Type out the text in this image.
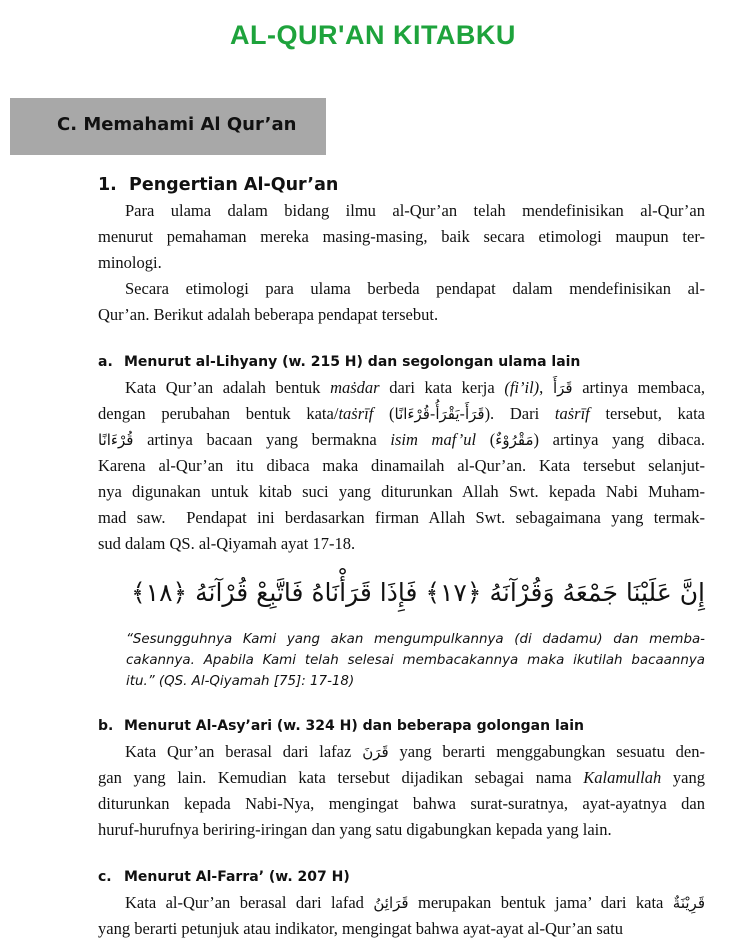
AL-QUR'AN KITABKU
C. Memahami Al Qur’an
1. Pengertian Al-Qur’an
Para ulama dalam bidang ilmu al-Qur’an telah mendefinisikan al-Qur’an
menurut pemahaman mereka masing-masing, baik secara etimologi maupun ter-
minologi.
Secara etimologi para ulama berbeda pendapat dalam mendefinisikan al-
Qur’an. Berikut adalah beberapa pendapat tersebut.
a. Menurut al-Lihyany (w. 215 H) dan segolongan ulama lain
Kata Qur’an adalah bentuk maṡdar dari kata kerja (fi’il), قَرَأَ artinya membaca,
dengan perubahan bentuk kata/taṡrīf (قَرَأَ-يَقْرَأُ-قُرْءَانًا). Dari taṡrīf tersebut, kata
قُرْءَانًا artinya bacaan yang bermakna isim maf’ul (مَقْرُوْءٌ) artinya yang dibaca.
Karena al-Qur’an itu dibaca maka dinamailah al-Qur’an. Kata tersebut selanjut-
nya digunakan untuk kitab suci yang diturunkan Allah Swt. kepada Nabi Muham-
mad saw.  Pendapat ini berdasarkan firman Allah Swt. sebagaimana yang termak-
sud dalam QS. al-Qiyamah ayat 17-18.
إِنَّ عَلَيْنَا جَمْعَهُ وَقُرْآنَهُ ﴿١٧﴾ فَإِذَا قَرَأْنَاهُ فَاتَّبِعْ قُرْآنَهُ ﴿١٨﴾
“Sesungguhnya Kami yang akan mengumpulkannya (di dadamu) dan memba-
cakannya. Apabila Kami telah selesai membacakannya maka ikutilah bacaannya
itu.” (QS. Al-Qiyamah [75]: 17-18)
b. Menurut Al-Asy’ari (w. 324 H) dan beberapa golongan lain
Kata Qur’an berasal dari lafaz قَرَنَ yang berarti menggabungkan sesuatu den-
gan yang lain. Kemudian kata tersebut dijadikan sebagai nama Kalamullah yang
diturunkan kepada Nabi-Nya, mengingat bahwa surat-suratnya, ayat-ayatnya dan
huruf-hurufnya beriring-iringan dan yang satu digabungkan kepada yang lain.
c. Menurut Al-Farra’ (w. 207 H)
Kata al-Qur’an berasal dari lafad قَرَائِنُ merupakan bentuk jama’ dari kata قَرِيْنَةٌ
yang berarti petunjuk atau indikator, mengingat bahwa ayat-ayat al-Qur’an satu
